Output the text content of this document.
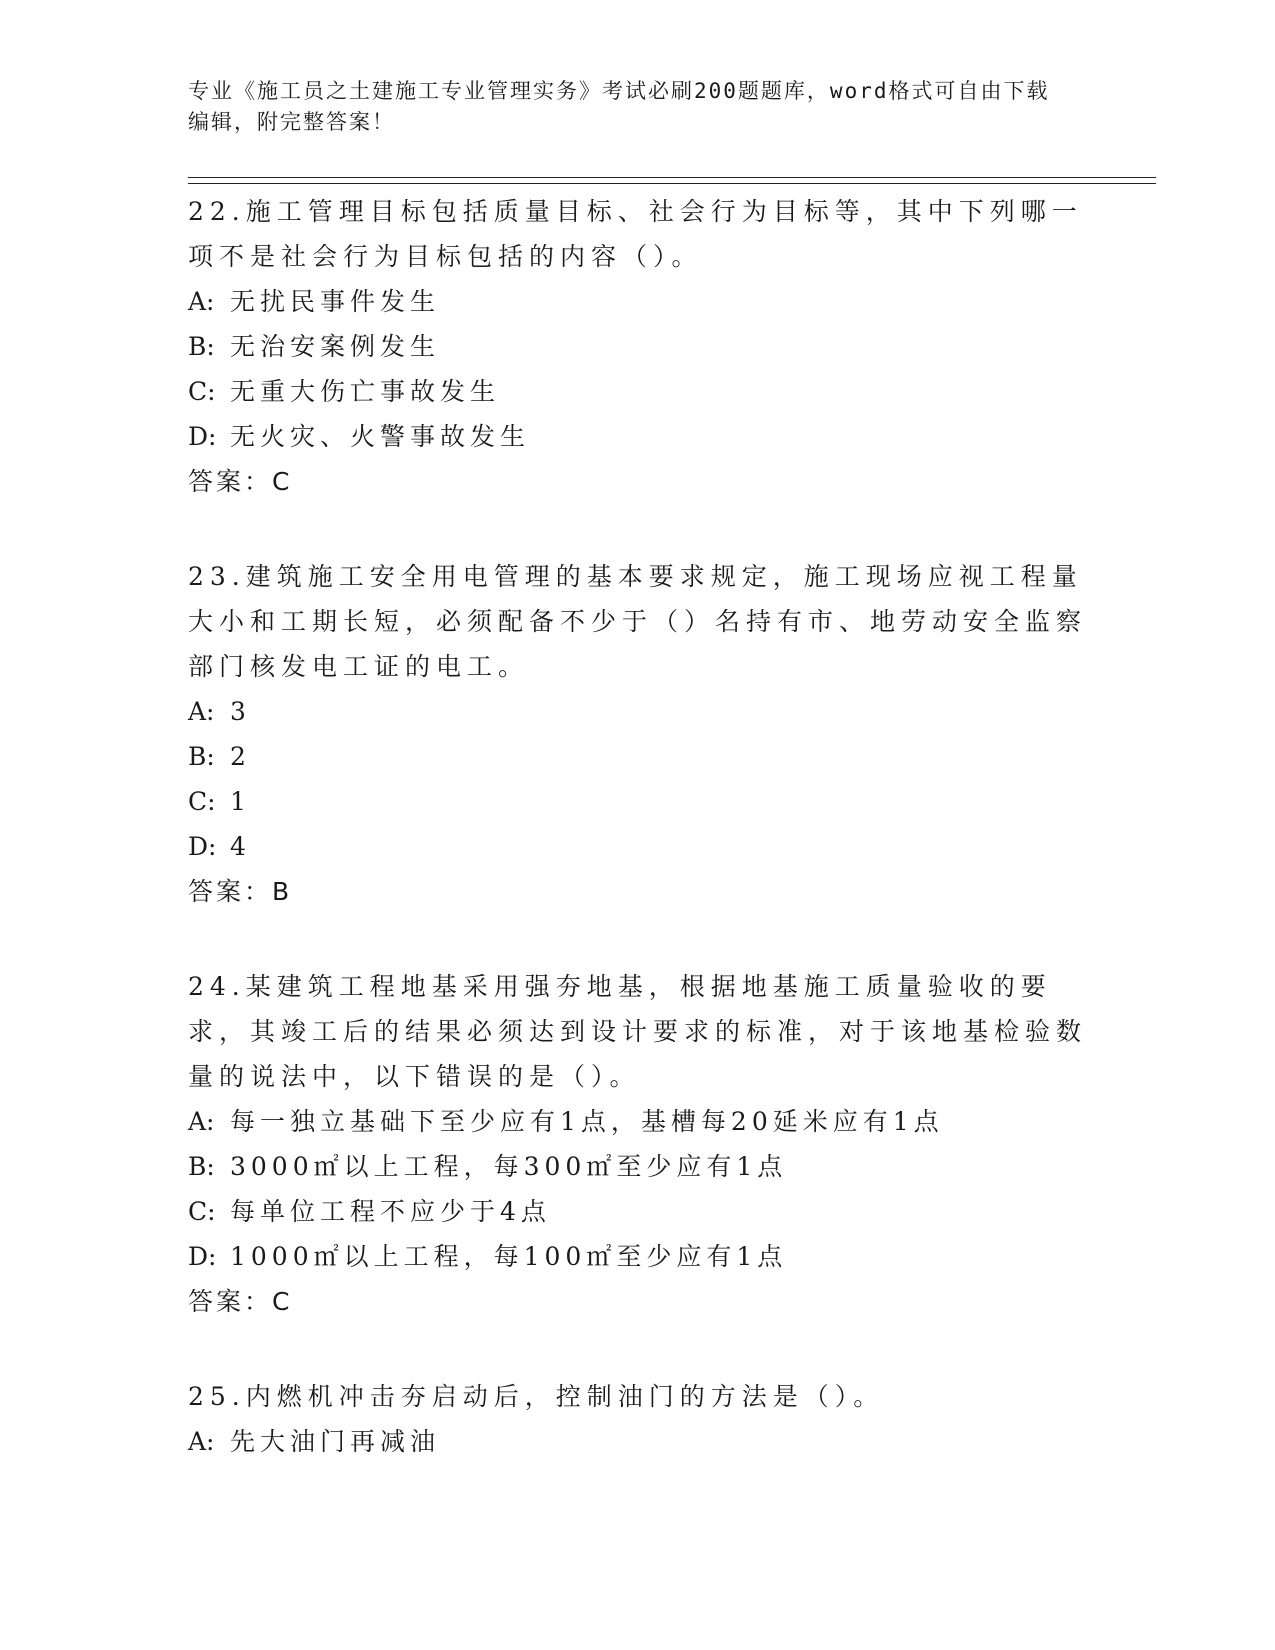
专业《施工员之土建施工专业管理实务》考试必刷200题题库，word格式可自由下载编辑，附完整答案！

22.施工管理目标包括质量目标、社会行为目标等，其中下列哪一项不是社会行为目标包括的内容（）。

A: 无扰民事件发生

B: 无治安案例发生

C: 无重大伤亡事故发生

D: 无火灾、火警事故发生

答案：C

23.建筑施工安全用电管理的基本要求规定，施工现场应视工程量大小和工期长短，必须配备不少于（）名持有市、地劳动安全监察部门核发电工证的电工。

A: 3

B: 2

C: 1

D: 4

答案：B

24.某建筑工程地基采用强夯地基，根据地基施工质量验收的要求，其竣工后的结果必须达到设计要求的标准，对于该地基检验数量的说法中，以下错误的是（）。

A: 每一独立基础下至少应有1点，基槽每20延米应有1点

B: 3000㎡以上工程，每300㎡至少应有1点

C: 每单位工程不应少于4点

D: 1000㎡以上工程，每100㎡至少应有1点

答案：C

25.内燃机冲击夯启动后，控制油门的方法是（）。

A: 先大油门再减油
